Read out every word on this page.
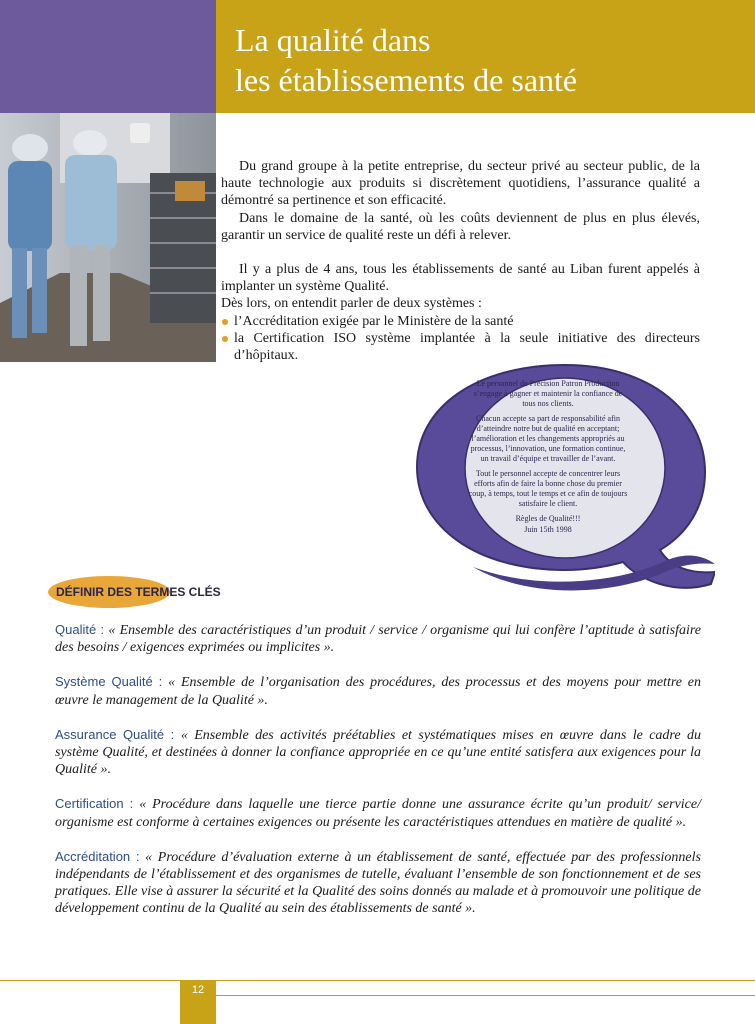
La qualité dans
les établissements de santé

Du grand groupe à la petite entreprise, du secteur privé au secteur public, de la haute technologie aux produits si discrètement quotidiens, l’assurance qualité a démontré sa pertinence et son efficacité.

Dans le domaine de la santé, où les coûts deviennent de plus en plus élevés, garantir un service de qualité reste un défi à relever.

Il y a plus de 4 ans, tous les établissements de santé au Liban furent appelés à implanter un système Qualité.

Dès lors, on entendit parler de deux systèmes :

l’Accréditation exigée par le Ministère de la santé
la Certification ISO système implantée à la seule initiative des directeurs d’hôpitaux.

Le personnel de Précision Patron Production s’engage à gagner et maintenir la confiance de tous nos clients.

Chacun accepte sa part de responsabilité afin d’atteindre notre but de qualité en acceptant; l’amélioration et les changements appropriés au processus, l’innovation, une formation continue, un travail d’équipe et travailler de l’avant.

Tout le personnel accepte de concentrer leurs efforts afin de faire la bonne chose du premier coup, à temps, tout le temps et ce afin de toujours satisfaire le client.

Règles de Qualité!!!

Juin 15th 1998

DÉFINIR DES TERMES CLÉS

Qualité : « Ensemble des caractéristiques d’un produit / service / organisme qui lui confère l’aptitude à satisfaire des besoins / exigences exprimées ou implicites ».

Système Qualité : « Ensemble de l’organisation des procédures, des processus et des moyens pour mettre en œuvre le management de la Qualité ».

Assurance Qualité : « Ensemble des activités préétablies et systématiques mises en œuvre dans le cadre du système Qualité, et destinées à donner la confiance appropriée en ce qu’une entité satisfera aux exigences pour la Qualité ».

Certification : « Procédure dans laquelle une tierce partie donne une assurance écrite qu’un produit/ service/ organisme est conforme à certaines exigences ou présente les caractéristiques attendues en matière de qualité ».

Accréditation : « Procédure d’évaluation externe à un établissement de santé, effectuée par des professionnels indépendants de l’établissement et des organismes de tutelle, évaluant l’ensemble de son fonctionnement et de ses pratiques. Elle vise à assurer la sécurité et la Qualité des soins donnés au malade et à promouvoir une politique de développement continu de la Qualité au sein des établissements de santé ».

12
